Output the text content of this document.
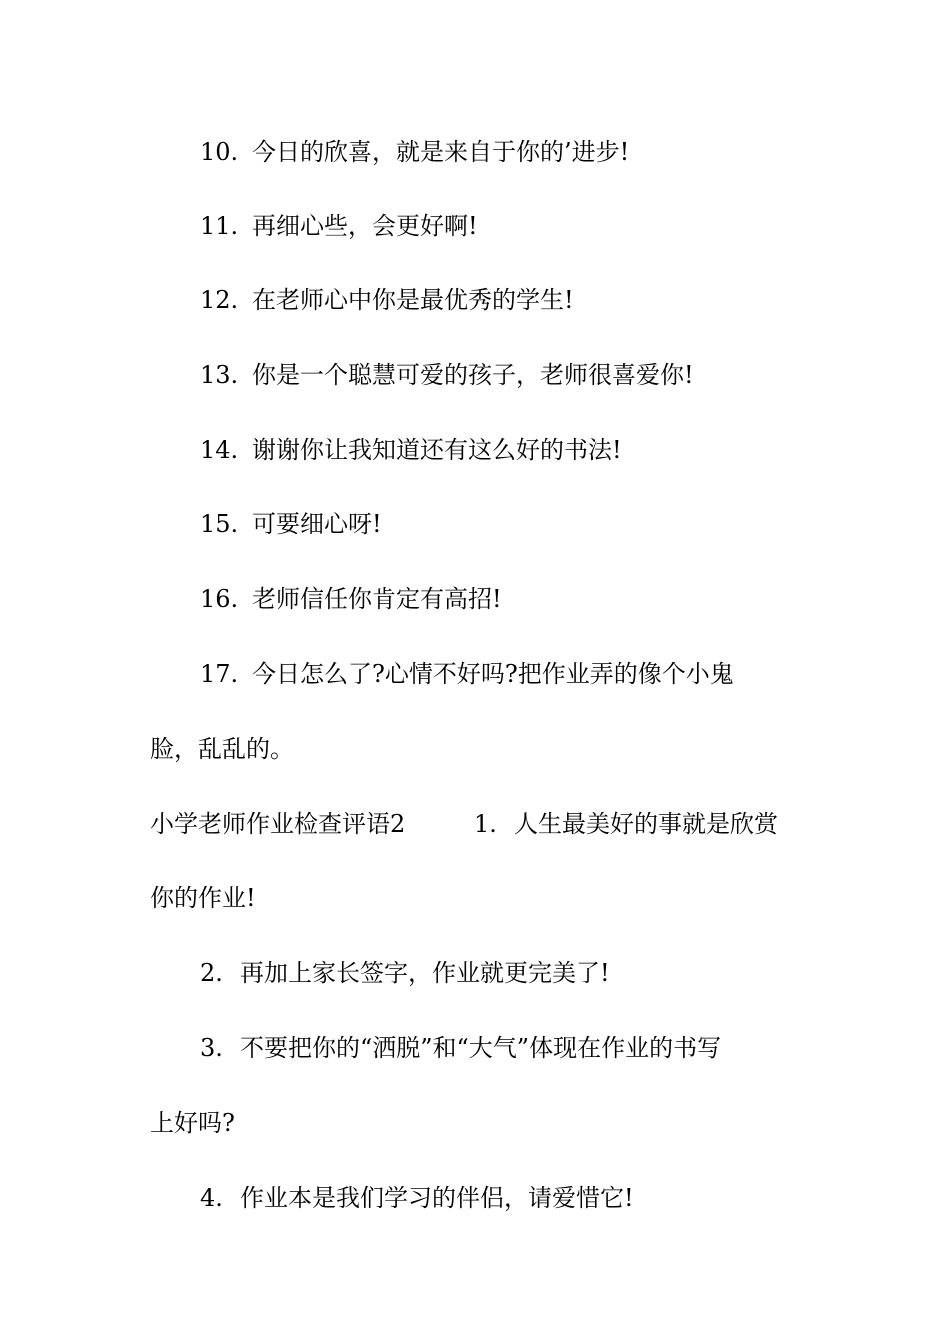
10. 今日的欣喜，就是来自于你的’进步!
11. 再细心些，会更好啊!
12. 在老师心中你是最优秀的学生!
13. 你是一个聪慧可爱的孩子，老师很喜爱你!
14. 谢谢你让我知道还有这么好的书法!
15. 可要细心呀!
16. 老师信任你肯定有高招!
17. 今日怎么了?心情不好吗?把作业弄的像个小鬼
脸，乱乱的。
小学老师作业检查评语2	1. 人生最美好的事就是欣赏
你的作业!
2. 再加上家长签字，作业就更完美了!
3. 不要把你的“洒脱”和“大气”体现在作业的书写
上好吗?
4. 作业本是我们学习的伴侣，请爱惜它!
